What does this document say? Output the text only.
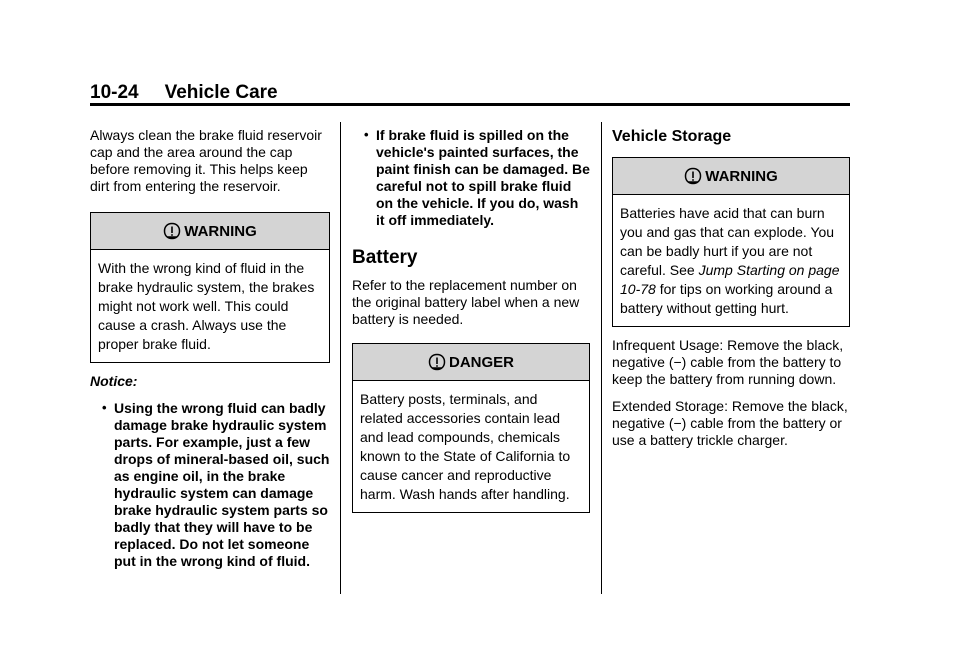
10-24 Vehicle Care

Always clean the brake fluid reservoir cap and the area around the cap before removing it. This helps keep dirt from entering the reservoir.

WARNING
With the wrong kind of fluid in the brake hydraulic system, the brakes might not work well. This could cause a crash. Always use the proper brake fluid.

Notice:

• Using the wrong fluid can badly damage brake hydraulic system parts. For example, just a few drops of mineral-based oil, such as engine oil, in the brake hydraulic system can damage brake hydraulic system parts so badly that they will have to be replaced. Do not let someone put in the wrong kind of fluid.
• If brake fluid is spilled on the vehicle's painted surfaces, the paint finish can be damaged. Be careful not to spill brake fluid on the vehicle. If you do, wash it off immediately.
Battery

Refer to the replacement number on the original battery label when a new battery is needed.

DANGER
Battery posts, terminals, and related accessories contain lead and lead compounds, chemicals known to the State of California to cause cancer and reproductive harm. Wash hands after handling.
Vehicle Storage
WARNING
Batteries have acid that can burn you and gas that can explode. You can be badly hurt if you are not careful. See Jump Starting on page 10-78 for tips on working around a battery without getting hurt.

Infrequent Usage: Remove the black, negative (−) cable from the battery to keep the battery from running down.

Extended Storage: Remove the black, negative (−) cable from the battery or use a battery trickle charger.
